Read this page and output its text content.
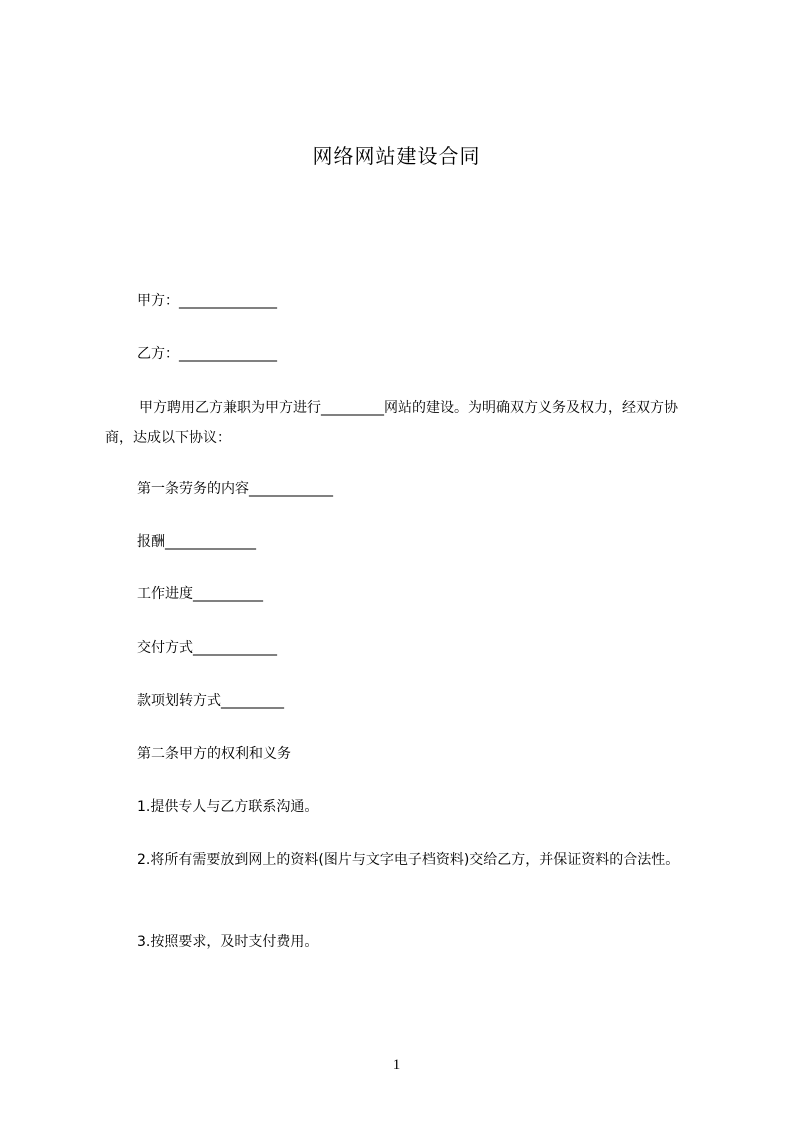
网络网站建设合同
甲方：______________
乙方：______________
甲方聘用乙方兼职为甲方进行_________网站的建设。为明确双方义务及权力，经双方协商，达成以下协议：
第一条劳务的内容____________
报酬_____________
工作进度__________
交付方式____________
款项划转方式_________
第二条甲方的权利和义务
1.提供专人与乙方联系沟通。
2.将所有需要放到网上的资料(图片与文字电子档资料)交给乙方，并保证资料的合法性。
3.按照要求，及时支付费用。
1
